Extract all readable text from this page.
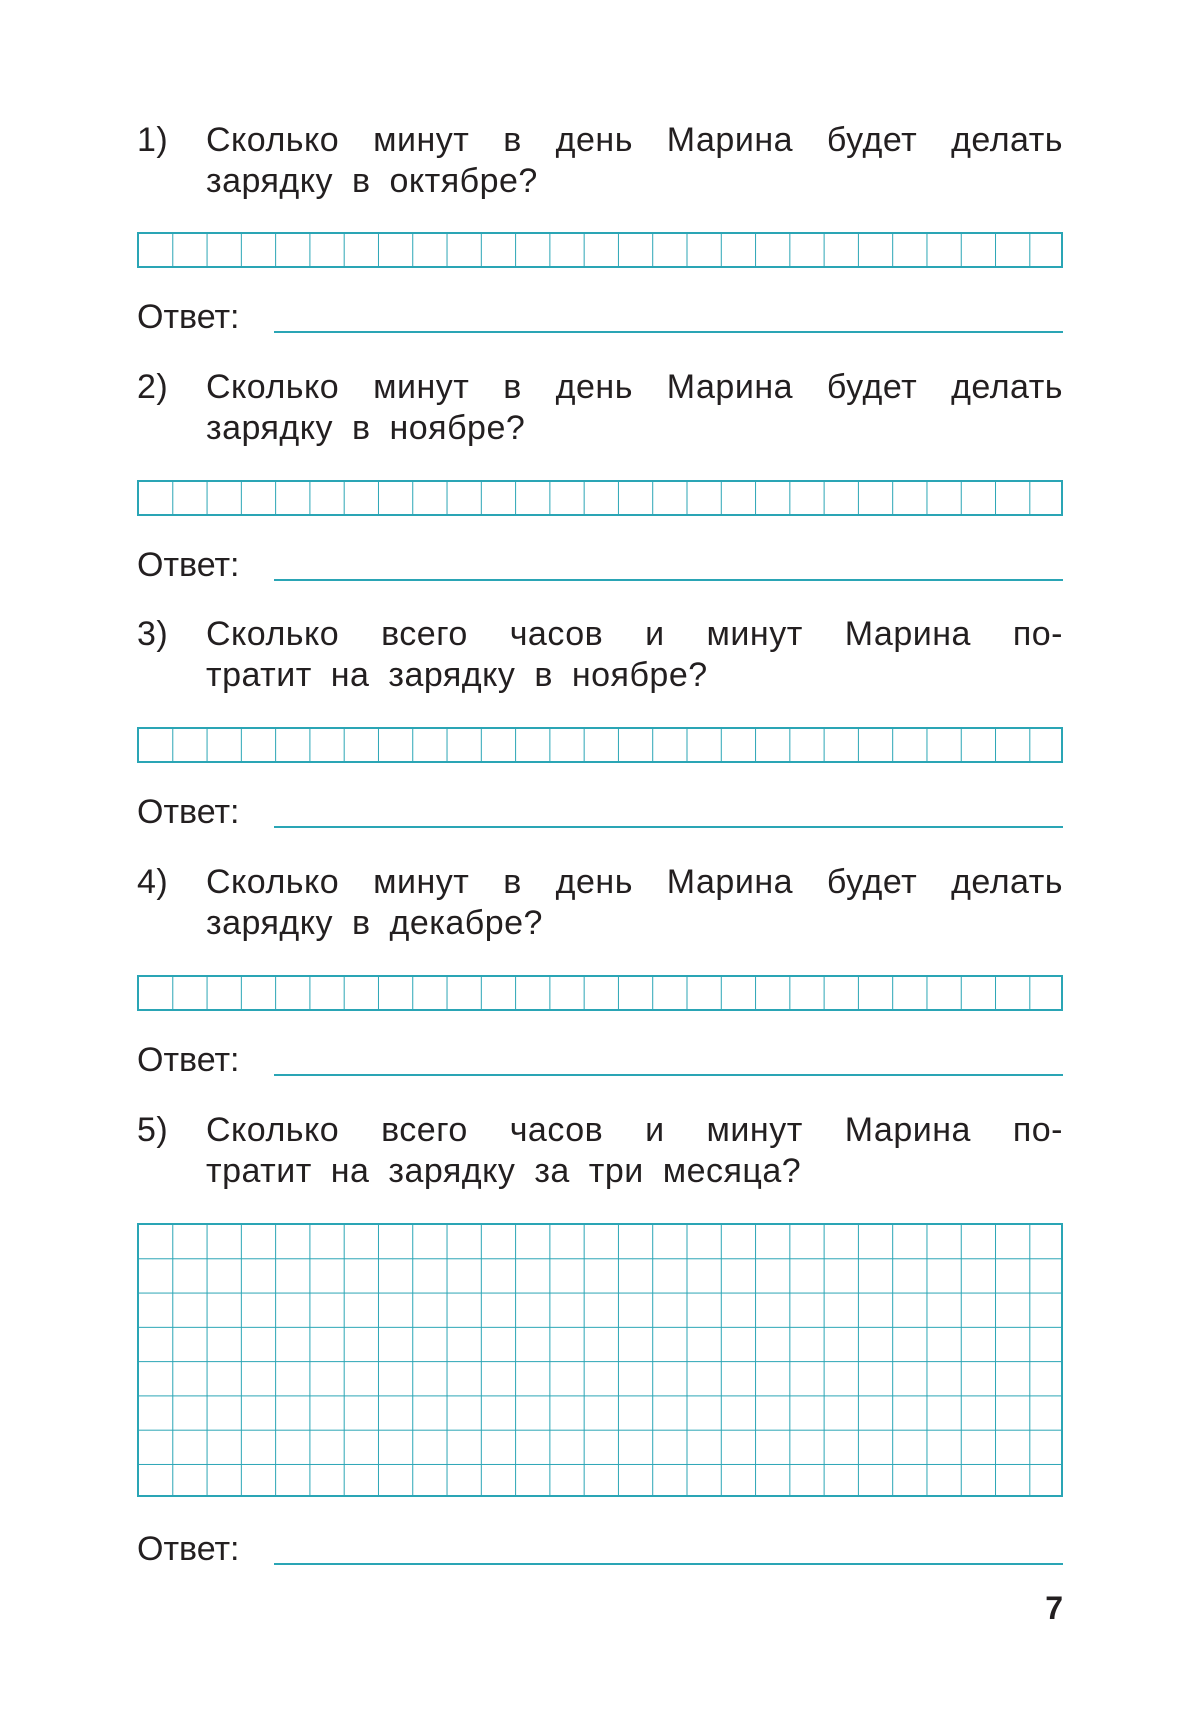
1) Сколько минут в день Марина будет делать
зарядку в октябре?
Ответ:
2) Сколько минут в день Марина будет делать
зарядку в ноябре?
Ответ:
3) Сколько всего часов и минут Марина по-
тратит на зарядку в ноябре?
Ответ:
4) Сколько минут в день Марина будет делать
зарядку в декабре?
Ответ:
5) Сколько всего часов и минут Марина по-
тратит на зарядку за три месяца?
Ответ:
7
